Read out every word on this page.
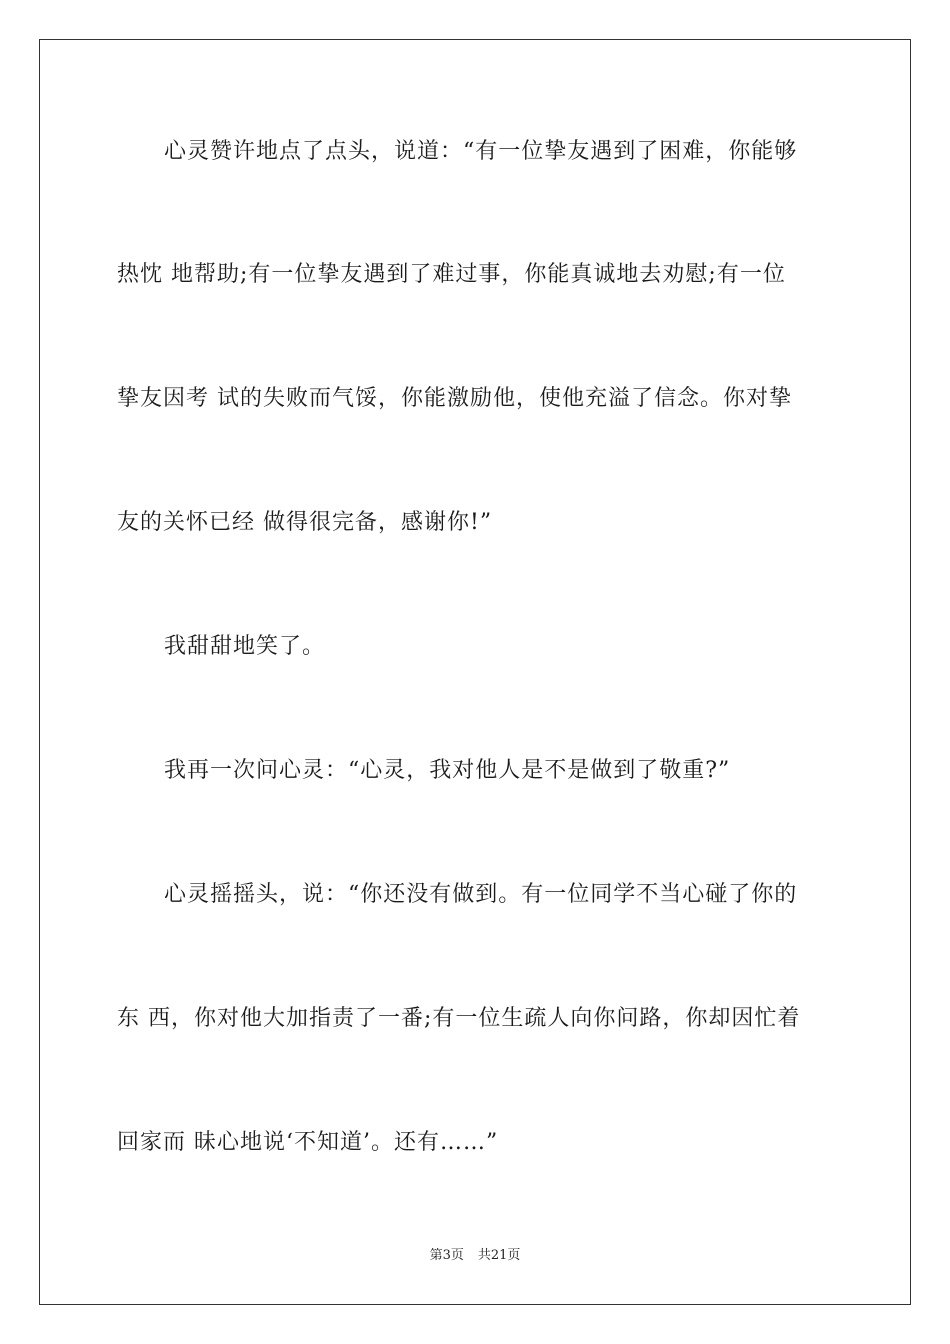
心灵赞许地点了点头，说道：“有一位挚友遇到了困难，你能够
热忱 地帮助;有一位挚友遇到了难过事，你能真诚地去劝慰;有一位
挚友因考 试的失败而气馁，你能激励他，使他充溢了信念。你对挚
友的关怀已经 做得很完备，感谢你!”
我甜甜地笑了。
我再一次问心灵：“心灵，我对他人是不是做到了敬重?”
心灵摇摇头，说：“你还没有做到。有一位同学不当心碰了你的
东 西，你对他大加指责了一番;有一位生疏人向你问路，你却因忙着
回家而 昧心地说‘不知道’。还有……”
第3页 共21页
